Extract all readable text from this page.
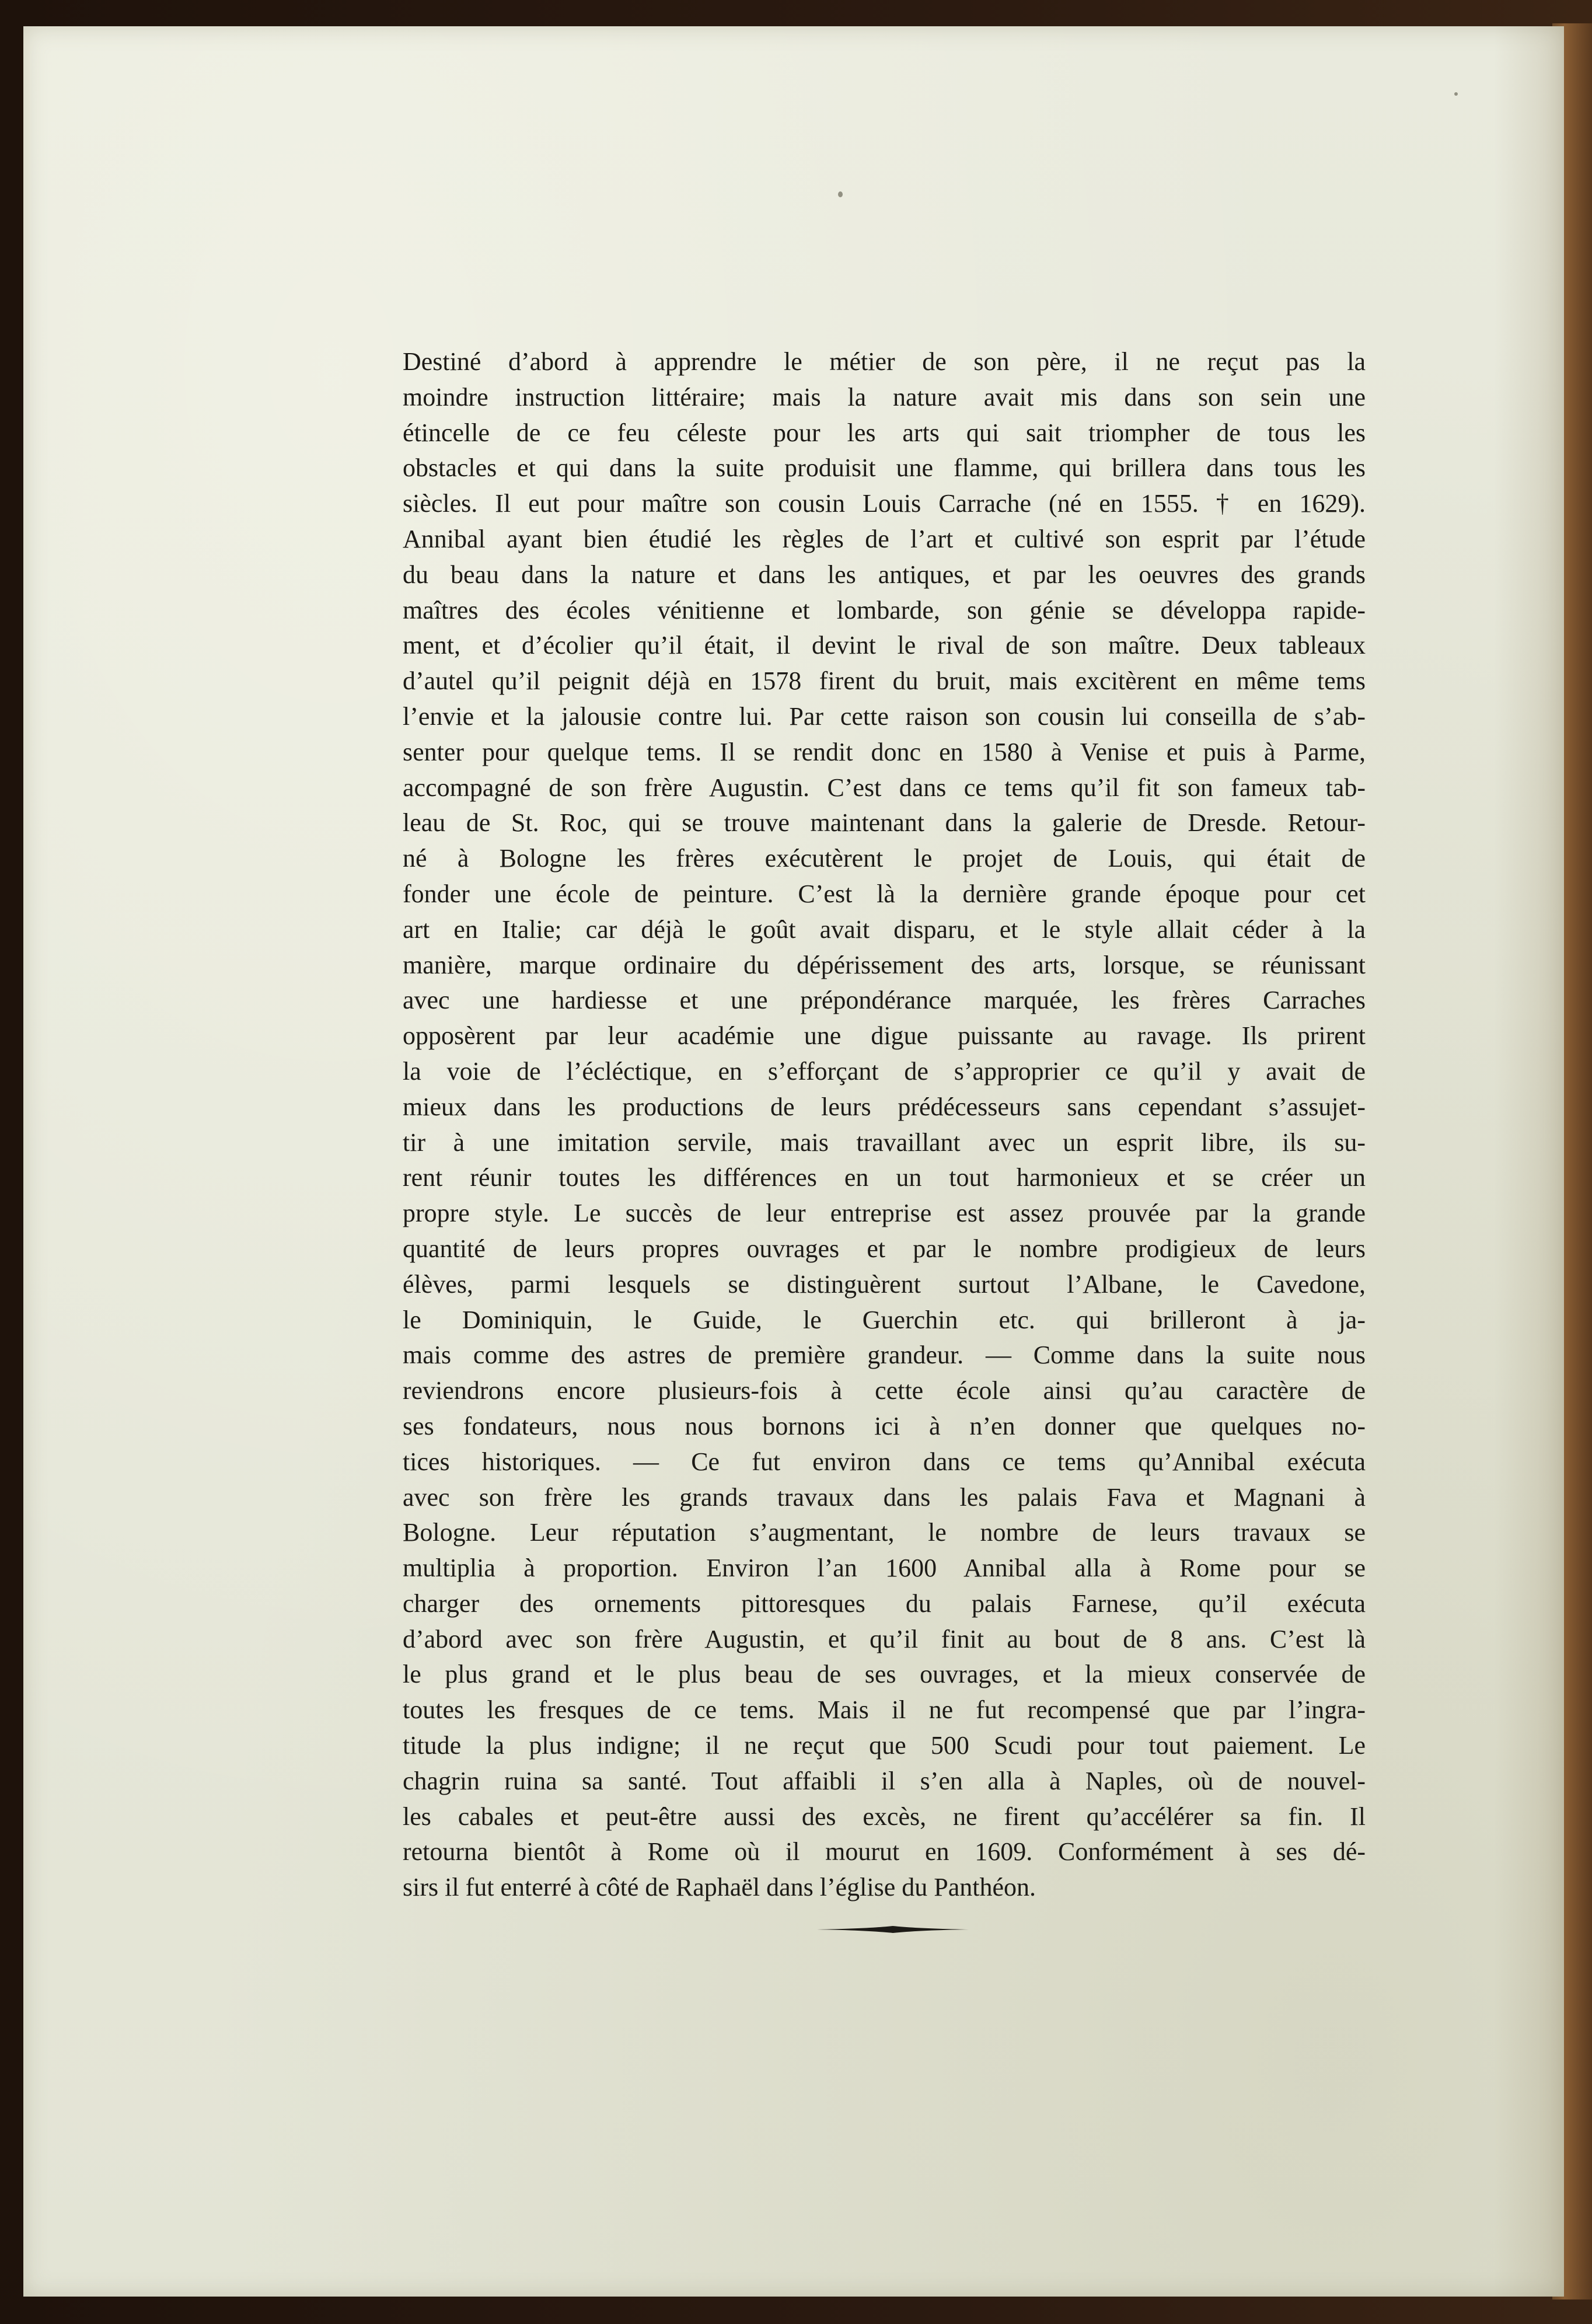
Destiné d’abord à apprendre le métier de son père, il ne reçut pas la
moindre instruction littéraire; mais la nature avait mis dans son sein une
étincelle de ce feu céleste pour les arts qui sait triompher de tous les
obstacles et qui dans la suite produisit une flamme, qui brillera dans tous les
siècles. Il eut pour maître son cousin Louis Carrache (né en 1555. † en 1629).
Annibal ayant bien étudié les règles de l’art et cultivé son esprit par l’étude
du beau dans la nature et dans les antiques, et par les oeuvres des grands
maîtres des écoles vénitienne et lombarde, son génie se développa rapide-
ment, et d’écolier qu’il était, il devint le rival de son maître. Deux tableaux
d’autel qu’il peignit déjà en 1578 firent du bruit, mais excitèrent en même tems
l’envie et la jalousie contre lui. Par cette raison son cousin lui conseilla de s’ab-
senter pour quelque tems. Il se rendit donc en 1580 à Venise et puis à Parme,
accompagné de son frère Augustin. C’est dans ce tems qu’il fit son fameux tab-
leau de St. Roc, qui se trouve maintenant dans la galerie de Dresde. Retour-
né à Bologne les frères exécutèrent le projet de Louis, qui était de
fonder une école de peinture. C’est là la dernière grande époque pour cet
art en Italie; car déjà le goût avait disparu, et le style allait céder à la
manière, marque ordinaire du dépérissement des arts, lorsque, se réunissant
avec une hardiesse et une prépondérance marquée, les frères Carraches
opposèrent par leur académie une digue puissante au ravage. Ils prirent
la voie de l’écléctique, en s’efforçant de s’approprier ce qu’il y avait de
mieux dans les productions de leurs prédécesseurs sans cependant s’assujet-
tir à une imitation servile, mais travaillant avec un esprit libre, ils su-
rent réunir toutes les différences en un tout harmonieux et se créer un
propre style. Le succès de leur entreprise est assez prouvée par la grande
quantité de leurs propres ouvrages et par le nombre prodigieux de leurs
élèves, parmi lesquels se distinguèrent surtout l’Albane, le Cavedone,
le Dominiquin, le Guide, le Guerchin etc. qui brilleront à ja-
mais comme des astres de première grandeur. — Comme dans la suite nous
reviendrons encore plusieurs-fois à cette école ainsi qu’au caractère de
ses fondateurs, nous nous bornons ici à n’en donner que quelques no-
tices historiques. — Ce fut environ dans ce tems qu’Annibal exécuta
avec son frère les grands travaux dans les palais Fava et Magnani à
Bologne. Leur réputation s’augmentant, le nombre de leurs travaux se
multiplia à proportion. Environ l’an 1600 Annibal alla à Rome pour se
charger des ornements pittoresques du palais Farnese, qu’il exécuta
d’abord avec son frère Augustin, et qu’il finit au bout de 8 ans. C’est là
le plus grand et le plus beau de ses ouvrages, et la mieux conservée de
toutes les fresques de ce tems. Mais il ne fut recompensé que par l’ingra-
titude la plus indigne; il ne reçut que 500 Scudi pour tout paiement. Le
chagrin ruina sa santé. Tout affaibli il s’en alla à Naples, où de nouvel-
les cabales et peut-être aussi des excès, ne firent qu’accélérer sa fin. Il
retourna bientôt à Rome où il mourut en 1609. Conformément à ses dé-
sirs il fut enterré à côté de Raphaël dans l’église du Panthéon.
